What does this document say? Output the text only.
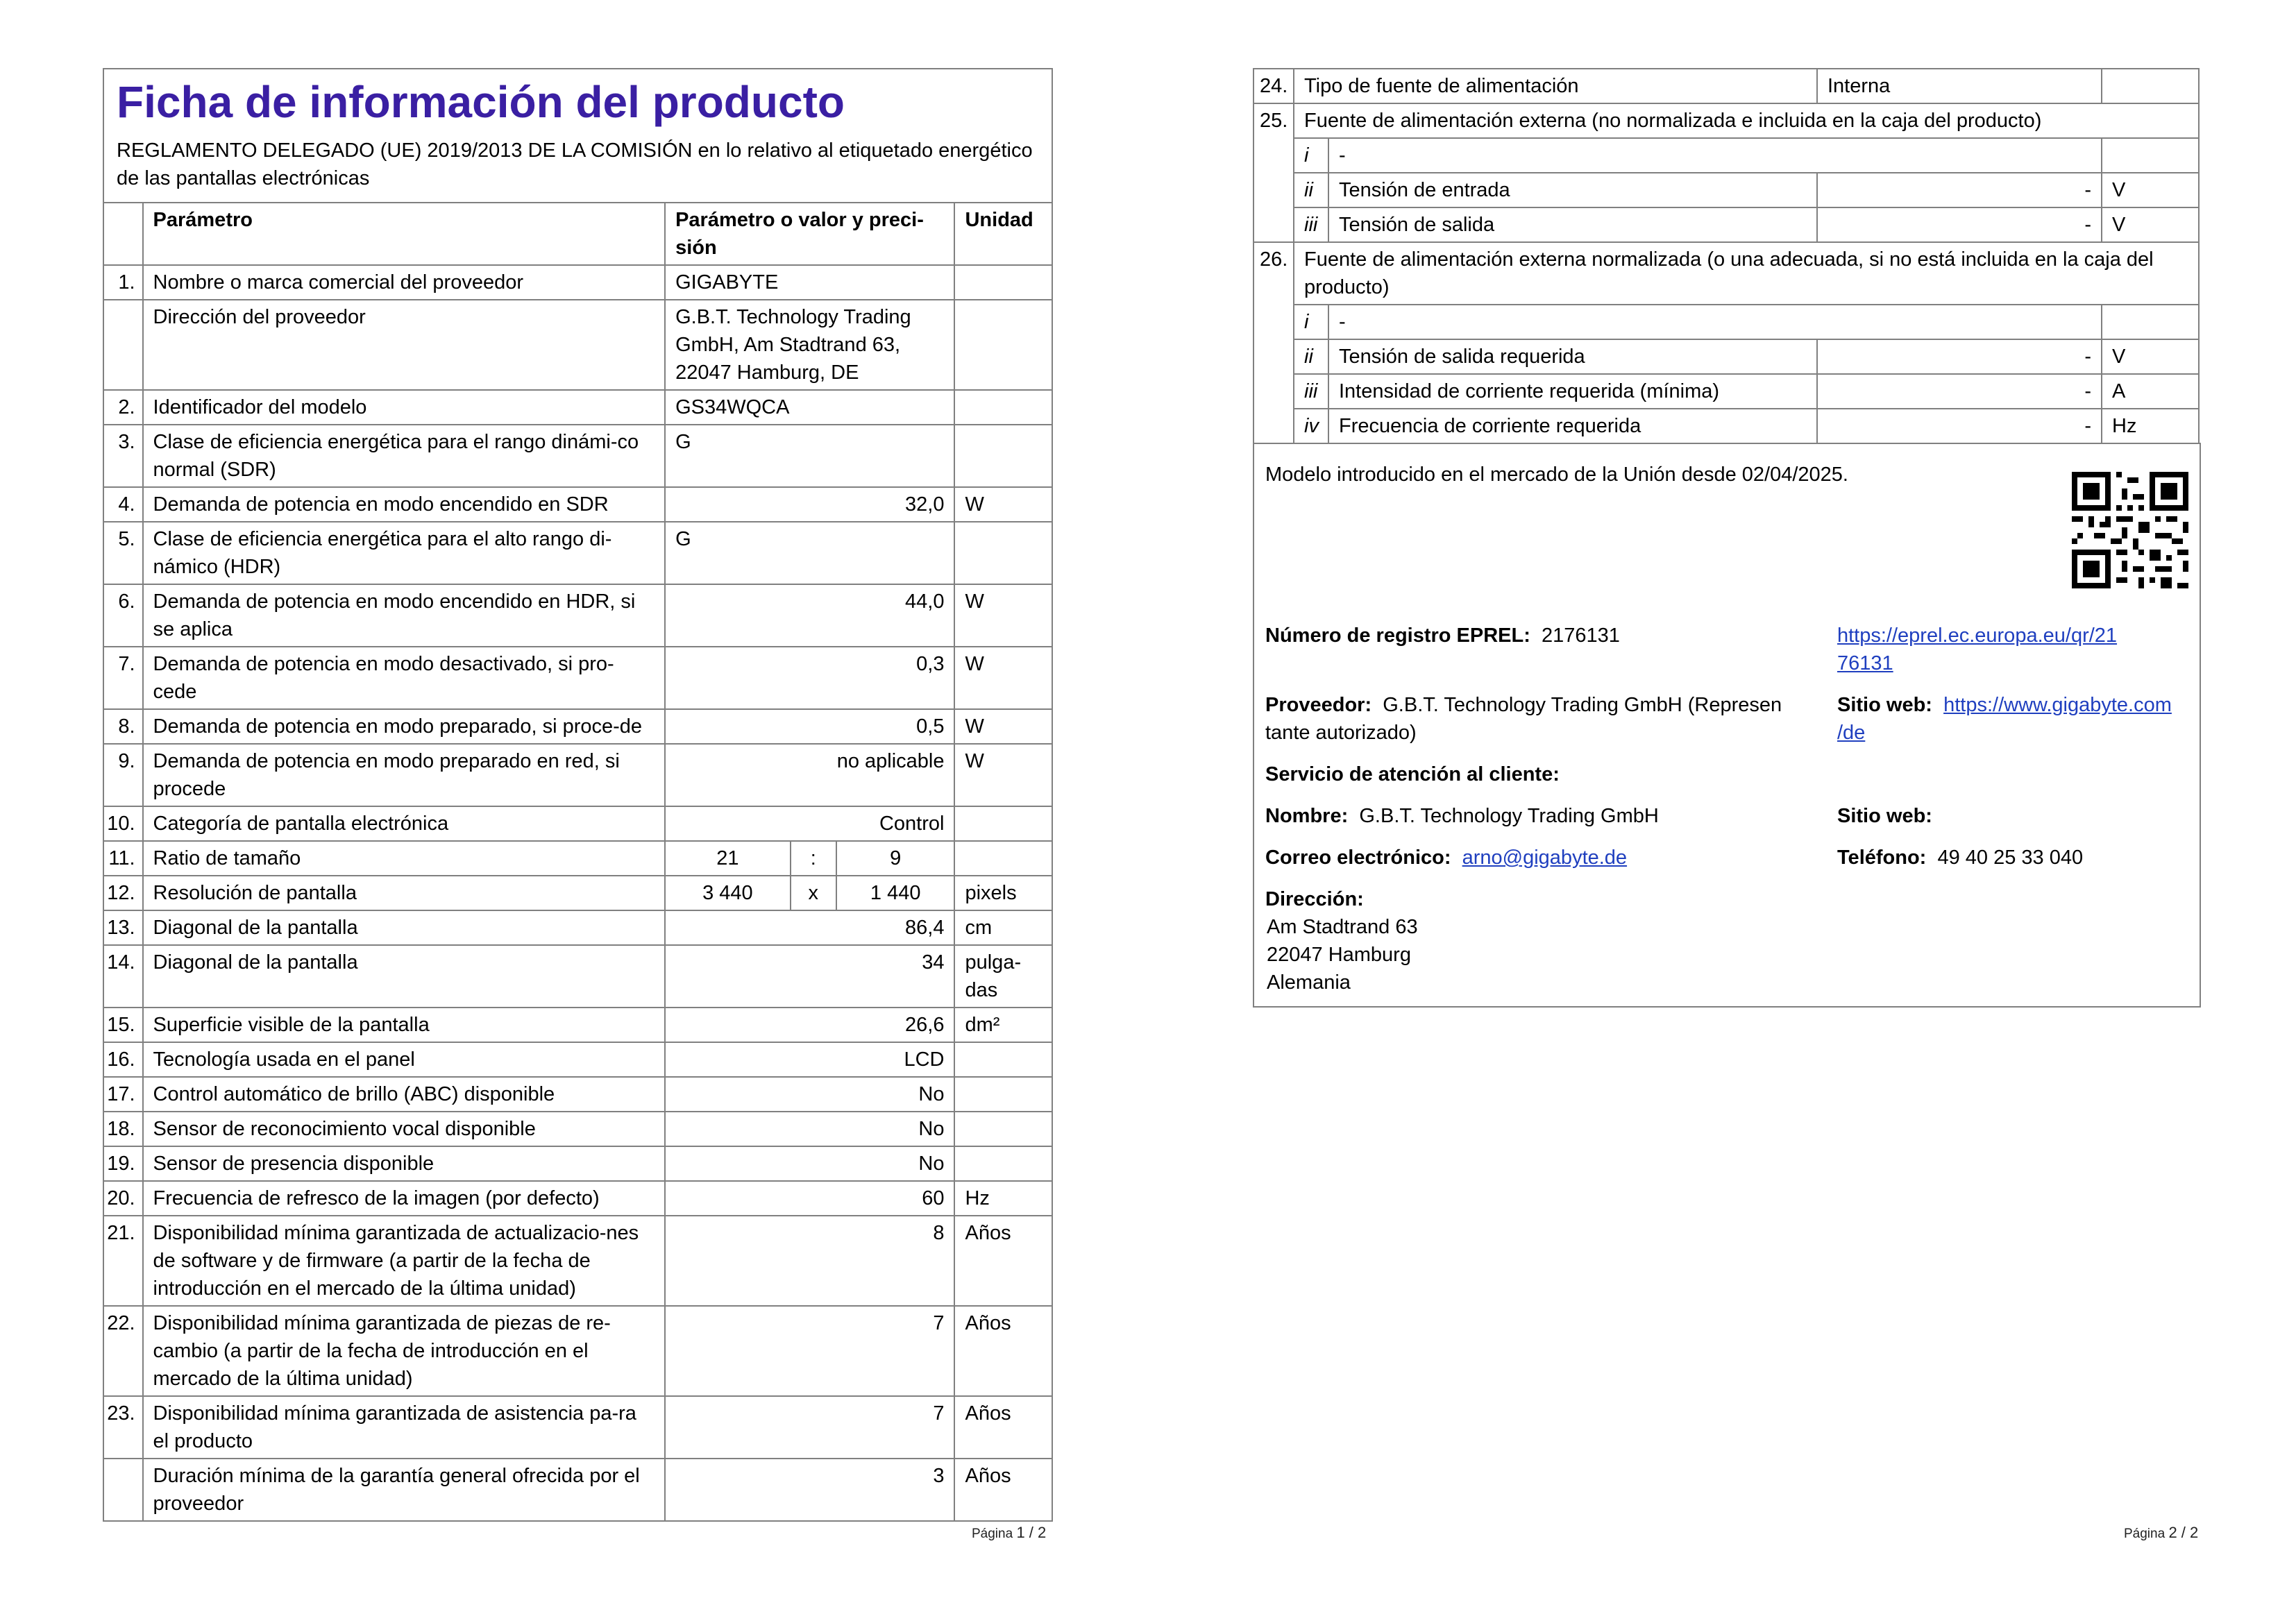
Ficha de información del producto
REGLAMENTO DELEGADO (UE) 2019/2013 DE LA COMISIÓN en lo relativo al etiquetado energético de las pantallas electrónicas
	Parámetro	Parámetro o valor y preci-sión			Unidad
1.	Nombre o marca comercial del proveedor	GIGABYTE			
	Dirección del proveedor	G.B.T. Technology Trading GmbH, Am Stadtrand 63, 22047 Hamburg, DE			
2.	Identificador del modelo	GS34WQCA			
3.	Clase de eficiencia energética para el rango dinámi-co normal (SDR)	G			
4.	Demanda de potencia en modo encendido en SDR	32,0			W
5.	Clase de eficiencia energética para el alto rango di-námico (HDR)	G			
6.	Demanda de potencia en modo encendido en HDR, si se aplica	44,0			W
7.	Demanda de potencia en modo desactivado, si pro-cede	0,3			W
8.	Demanda de potencia en modo preparado, si proce-de	0,5			W
9.	Demanda de potencia en modo preparado en red, si procede	no aplicable			W
10.	Categoría de pantalla electrónica	Control			
11.	Ratio de tamaño	21	:	9	
12.	Resolución de pantalla	3 440	x	1 440	pixels
13.	Diagonal de la pantalla	86,4			cm
14.	Diagonal de la pantalla	34			pulga-das
15.	Superficie visible de la pantalla	26,6			dm²
16.	Tecnología usada en el panel	LCD			
17.	Control automático de brillo (ABC) disponible	No			
18.	Sensor de reconocimiento vocal disponible	No			
19.	Sensor de presencia disponible	No			
20.	Frecuencia de refresco de la imagen (por defecto)	60			Hz
21.	Disponibilidad mínima garantizada de actualizacio-nes de software y de firmware (a partir de la fecha de introducción en el mercado de la última unidad)	8			Años
22.	Disponibilidad mínima garantizada de piezas de re-cambio (a partir de la fecha de introducción en el mercado de la última unidad)	7			Años
23.	Disponibilidad mínima garantizada de asistencia pa-ra el producto	7			Años
	Duración mínima de la garantía general ofrecida por el proveedor	3			Años
Página 1 / 2
24.	Tipo de fuente de alimentación		Interna	
25.	Fuente de alimentación externa (no normalizada e incluida en la caja del producto)			
	i	-		
	ii	Tensión de entrada	-	V
	iii	Tensión de salida	-	V
26.	Fuente de alimentación externa normalizada (o una adecuada, si no está incluida en la caja del producto)			
	i	-		
	ii	Tensión de salida requerida	-	V
	iii	Intensidad de corriente requerida (mínima)	-	A
	iv	Frecuencia de corriente requerida	-	Hz
Modelo introducido en el mercado de la Unión desde 02/04/2025.
Número de registro EPREL: 2176131	https://eprel.ec.europa.eu/qr/21
76131
Proveedor: G.B.T. Technology Trading GmbH (Represen
tante autorizado)
Sitio web: https://www.gigabyte.com
/de
Servicio de atención al cliente:
Nombre: G.B.T. Technology Trading GmbH	Sitio web:
Correo electrónico: arno@gigabyte.de	Teléfono: 49 40 25 33 040
Dirección:
Am Stadtrand 63
22047 Hamburg
Alemania
Página 2 / 2
